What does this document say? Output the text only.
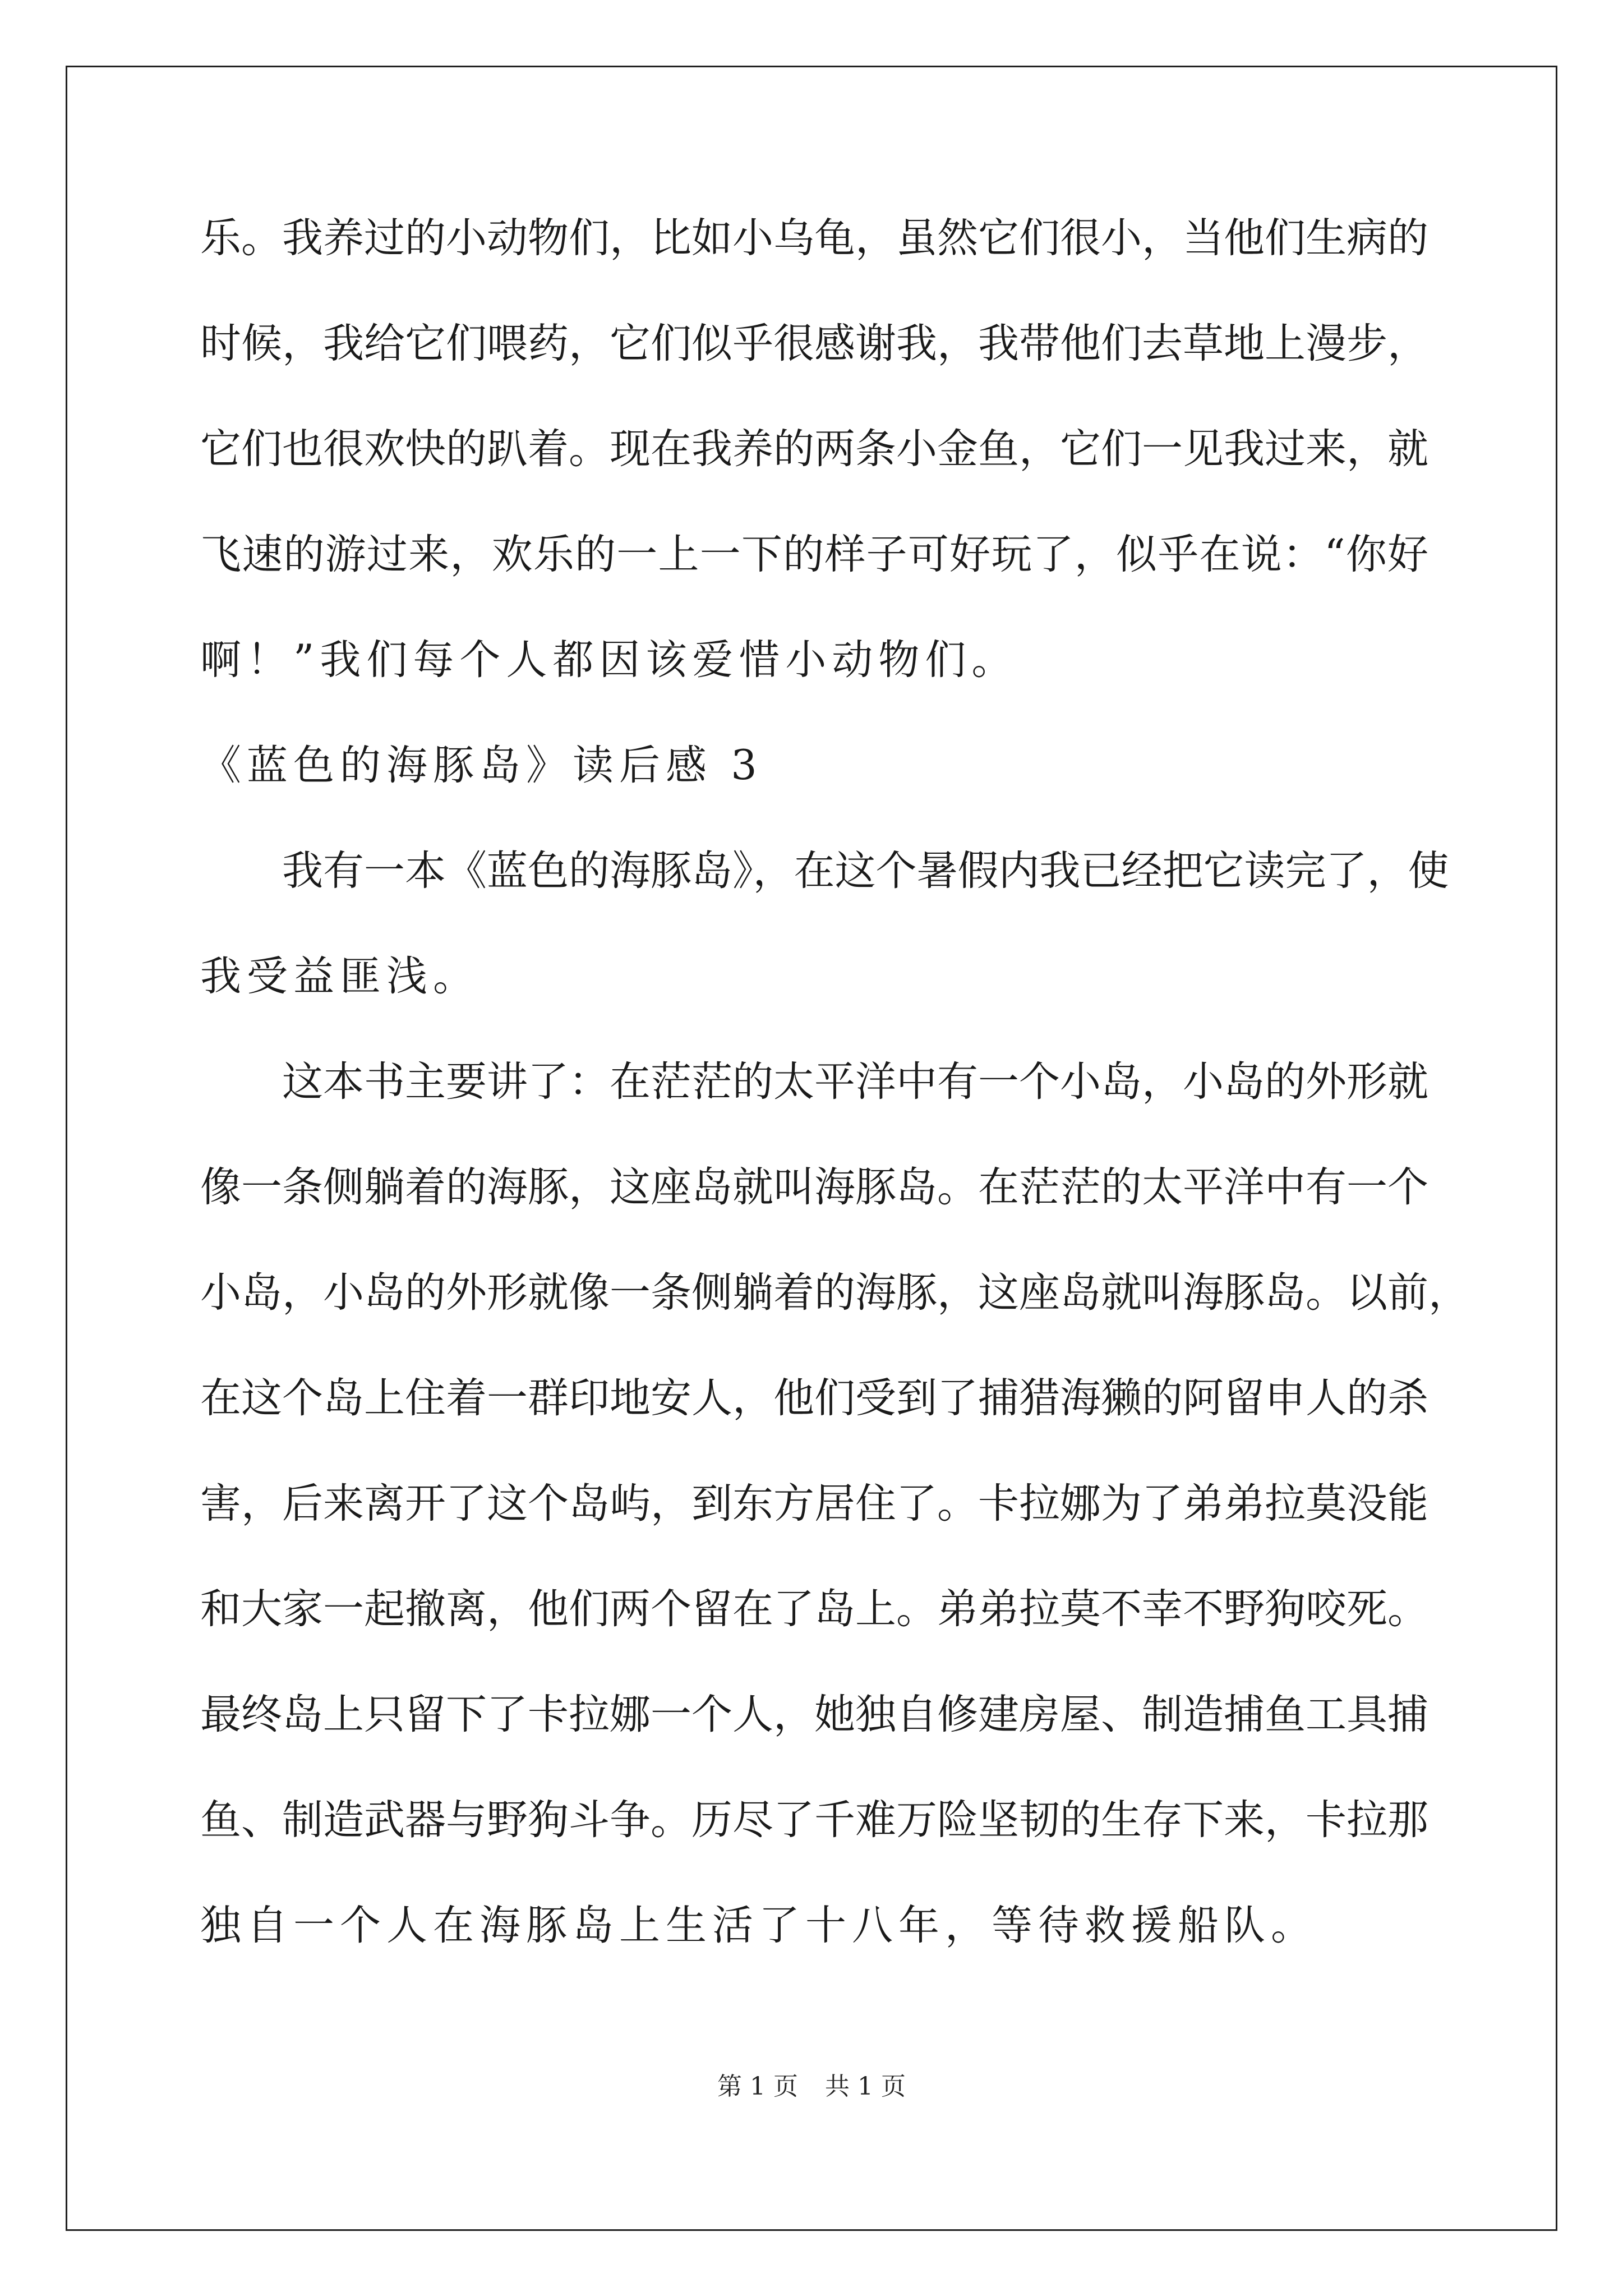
乐。我养过的小动物们，比如小乌龟，虽然它们很小，当他们生病的
时候，我给它们喂药，它们似乎很感谢我，我带他们去草地上漫步，
它们也很欢快的趴着。现在我养的两条小金鱼，它们一见我过来，就
飞速的游过来，欢乐的一上一下的样子可好玩了，似乎在说：“你好
啊！”我们每个人都因该爱惜小动物们。
《蓝色的海豚岛》读后感 3
我有一本《蓝色的海豚岛》，在这个暑假内我已经把它读完了，使
我受益匪浅。
这本书主要讲了：在茫茫的太平洋中有一个小岛，小岛的外形就
像一条侧躺着的海豚，这座岛就叫海豚岛。在茫茫的太平洋中有一个
小岛，小岛的外形就像一条侧躺着的海豚，这座岛就叫海豚岛。以前，
在这个岛上住着一群印地安人，他们受到了捕猎海獭的阿留申人的杀
害，后来离开了这个岛屿，到东方居住了。卡拉娜为了弟弟拉莫没能
和大家一起撤离，他们两个留在了岛上。弟弟拉莫不幸不野狗咬死。
最终岛上只留下了卡拉娜一个人，她独自修建房屋、制造捕鱼工具捕
鱼、制造武器与野狗斗争。历尽了千难万险坚韧的生存下来，卡拉那
独自一个人在海豚岛上生活了十八年，等待救援船队。
第 1 页 共 1 页
